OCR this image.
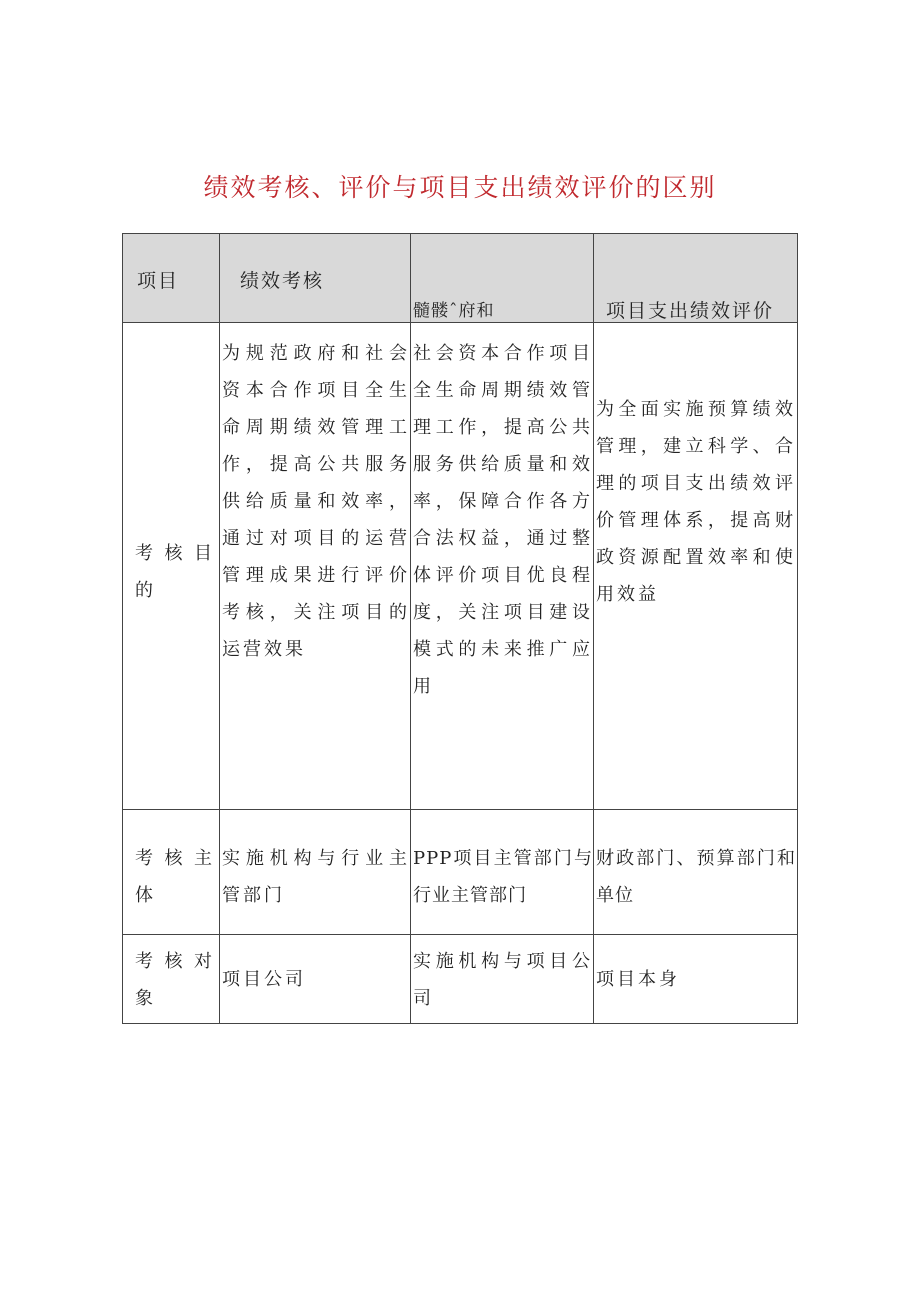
绩效考核、评价与项目支出绩效评价的区别
项目	绩效考核	髓髅ˆ府和	项目支出绩效评价

考核目的	为规范政府和社会资本合作项目全生命周期绩效管理工作，提高公共服务供给质量和效率，通过对项目的运营管理成果进行评价考核，关注项目的运营效果	社会资本合作项目全生命周期绩效管理工作，提高公共服务供给质量和效率，保障合作各方合法权益，通过整体评价项目优良程度，关注项目建设模式的未来推广应用	为全面实施预算绩效管理，建立科学、合理的项目支出绩效评价管理体系，提高财政资源配置效率和使用效益

考核主体	实施机构与行业主管部门	PPP项目主管部门与行业主管部门	财政部门、预算部门和单位

考核对象	项目公司	实施机构与项目公司	项目本身
